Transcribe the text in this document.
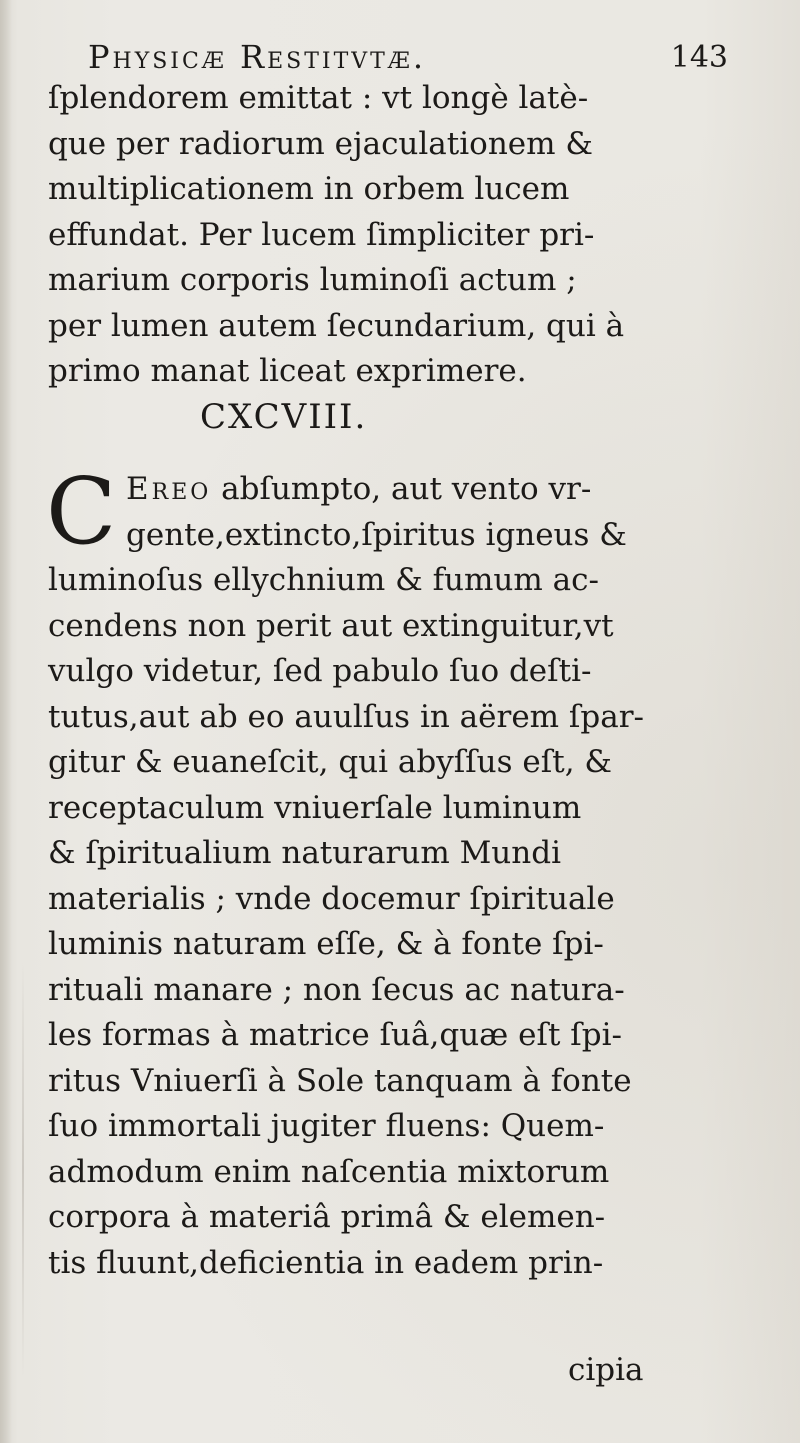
Physicæ Restitvtæ.	143
ſplendorem emittat : vt longè latè-
que per radiorum ejaculationem &
multiplicationem in orbem lucem
effundat. Per lucem ſimpliciter pri-
marium corporis luminoſi actum ;
per lumen autem ſecundarium, qui à
primo manat liceat exprimere.
CXCVIII.
C Ereo abſumpto, aut vento vr-
gente,extincto,ſpiritus igneus &
luminoſus ellychnium & fumum ac-
cendens non perit aut extinguitur,vt
vulgo videtur, ſed pabulo ſuo deſti-
tutus,aut ab eo auulſus in aërem ſpar-
gitur & euaneſcit, qui abyſſus eſt, &
receptaculum vniuerſale luminum
& ſpiritualium naturarum Mundi
materialis ; vnde docemur ſpirituale
luminis naturam eſſe, & à fonte ſpi-
rituali manare ; non ſecus ac natura-
les formas à matrice ſuâ,quæ eſt ſpi-
ritus Vniuerſi à Sole tanquam à fonte
ſuo immortali jugiter fluens: Quem-
admodum enim naſcentia mixtorum
corpora à materiâ primâ & elemen-
tis fluunt,deficientia in eadem prin-
cipia
